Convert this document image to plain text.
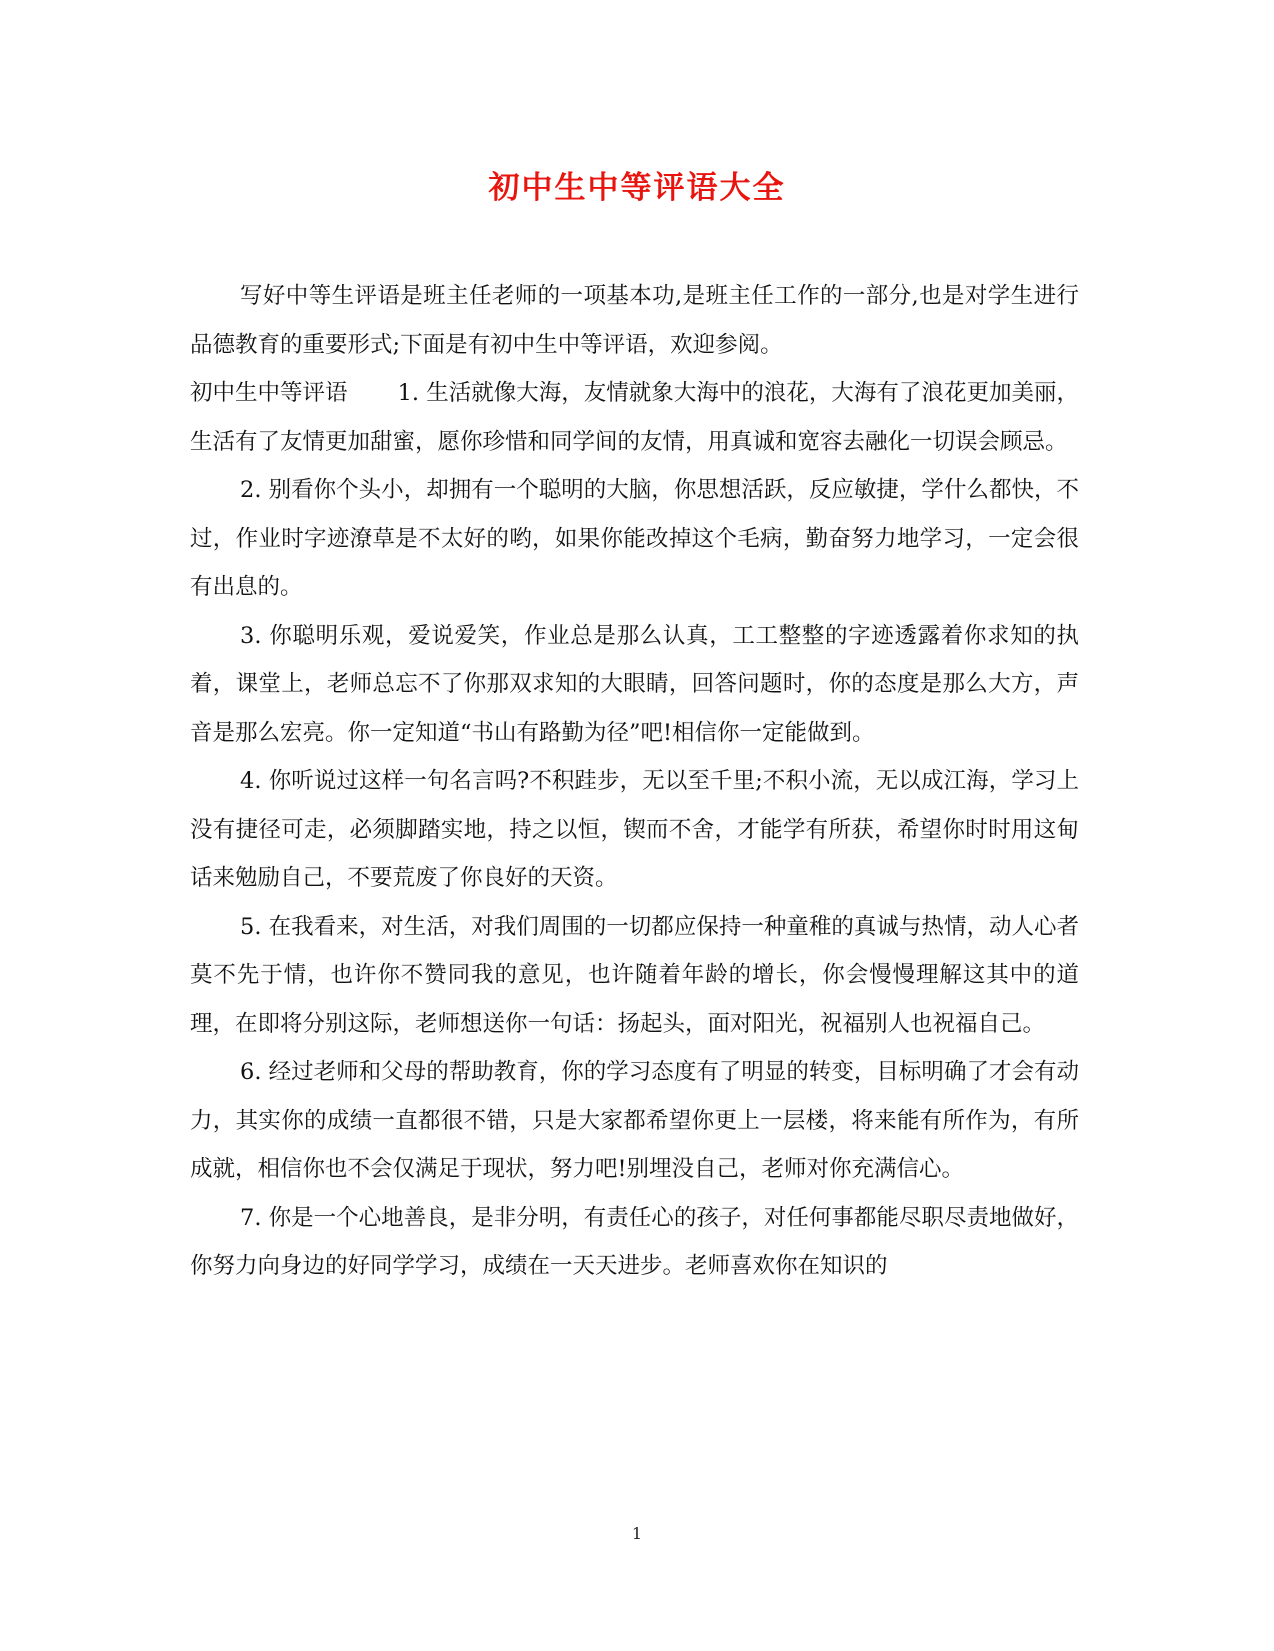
初中生中等评语大全

写好中等生评语是班主任老师的一项基本功,是班主任工作的一部分,也是对学生进行品德教育的重要形式;下面是有初中生中等评语，欢迎参阅。

初中生中等评语 1. 生活就像大海，友情就象大海中的浪花，大海有了浪花更加美丽，生活有了友情更加甜蜜，愿你珍惜和同学间的友情，用真诚和宽容去融化一切误会顾忌。

2. 别看你个头小，却拥有一个聪明的大脑，你思想活跃，反应敏捷，学什么都快，不过，作业时字迹潦草是不太好的哟，如果你能改掉这个毛病，勤奋努力地学习，一定会很有出息的。

3. 你聪明乐观，爱说爱笑，作业总是那么认真，工工整整的字迹透露着你求知的执着，课堂上，老师总忘不了你那双求知的大眼睛，回答问题时，你的态度是那么大方，声音是那么宏亮。你一定知道“书山有路勤为径”吧!相信你一定能做到。

4. 你听说过这样一句名言吗?不积跬步，无以至千里;不积小流，无以成江海，学习上没有捷径可走，必须脚踏实地，持之以恒，锲而不舍，才能学有所获，希望你时时用这甸话来勉励自己，不要荒废了你良好的天资。

5. 在我看来，对生活，对我们周围的一切都应保持一种童稚的真诚与热情，动人心者莫不先于情，也许你不赞同我的意见，也许随着年龄的增长，你会慢慢理解这其中的道理，在即将分别这际，老师想送你一句话：扬起头，面对阳光，祝福别人也祝福自己。

6. 经过老师和父母的帮助教育，你的学习态度有了明显的转变，目标明确了才会有动力，其实你的成绩一直都很不错，只是大家都希望你更上一层楼，将来能有所作为，有所成就，相信你也不会仅满足于现状，努力吧!别埋没自己，老师对你充满信心。

7. 你是一个心地善良，是非分明，有责任心的孩子，对任何事都能尽职尽责地做好，你努力向身边的好同学学习，成绩在一天天进步。老师喜欢你在知识的

1
